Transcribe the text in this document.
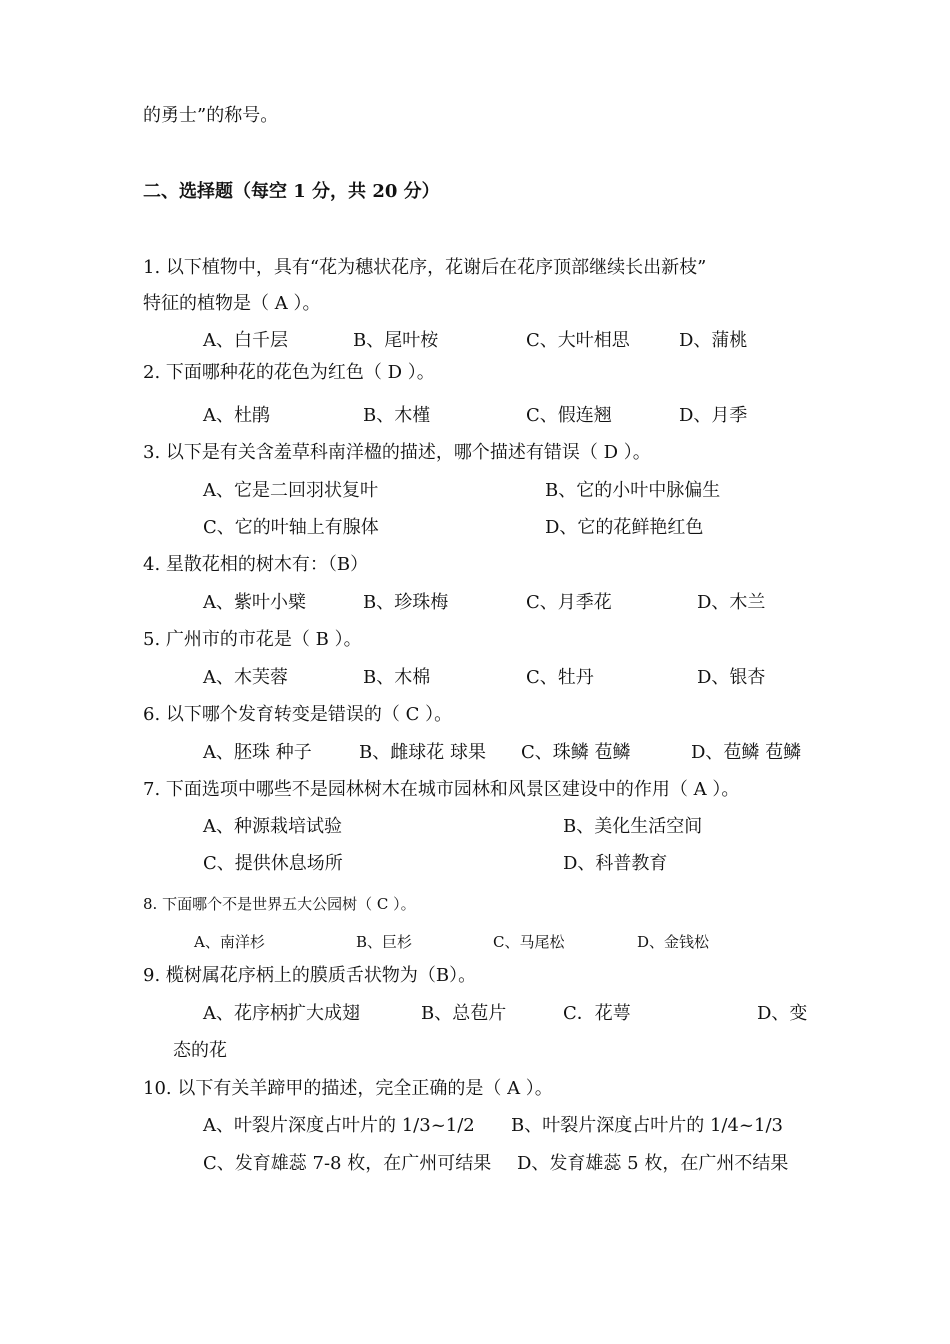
的勇士”的称号。
二、选择题（每空 1 分，共 20 分）
1. 以下植物中，具有“花为穗状花序，花谢后在花序顶部继续长出新枝”
特征的植物是（ A ）。
A、白千层	B、尾叶桉	C、大叶相思	D、蒲桃
2. 下面哪种花的花色为红色（ D ）。
A、杜鹃	B、木槿	C、假连翘	D、月季
3. 以下是有关含羞草科南洋楹的描述，哪个描述有错误（ D ）。
A、它是二回羽状复叶	B、它的小叶中脉偏生
C、它的叶轴上有腺体	D、它的花鲜艳红色
4. 星散花相的树木有：（B）
A、紫叶小檗	B、珍珠梅	C、月季花	D、木兰
5. 广州市的市花是（ B ）。
A、木芙蓉	B、木棉	C、牡丹	D、银杏
6. 以下哪个发育转变是错误的（ C ）。
A、胚珠 种子	B、雌球花 球果 C、珠鳞 苞鳞	D、苞鳞 苞鳞
7. 下面选项中哪些不是园林树木在城市园林和风景区建设中的作用（ A ）。
A、种源栽培试验	B、美化生活空间
C、提供休息场所	D、科普教育
8. 下面哪个不是世界五大公园树（ C ）。
A、南洋杉	B、巨杉	C、马尾松	D、金钱松
9. 榄树属花序柄上的膜质舌状物为（B）。
A、花序柄扩大成翅	B、总苞片	C．花萼	D、变
态的花
10. 以下有关羊蹄甲的描述，完全正确的是（ A ）。
A、叶裂片深度占叶片的 1/3~1/2 B、叶裂片深度占叶片的 1/4~1/3
C、发育雄蕊 7-8 枚，在广州可结果 D、发育雄蕊 5 枚，在广州不结果
